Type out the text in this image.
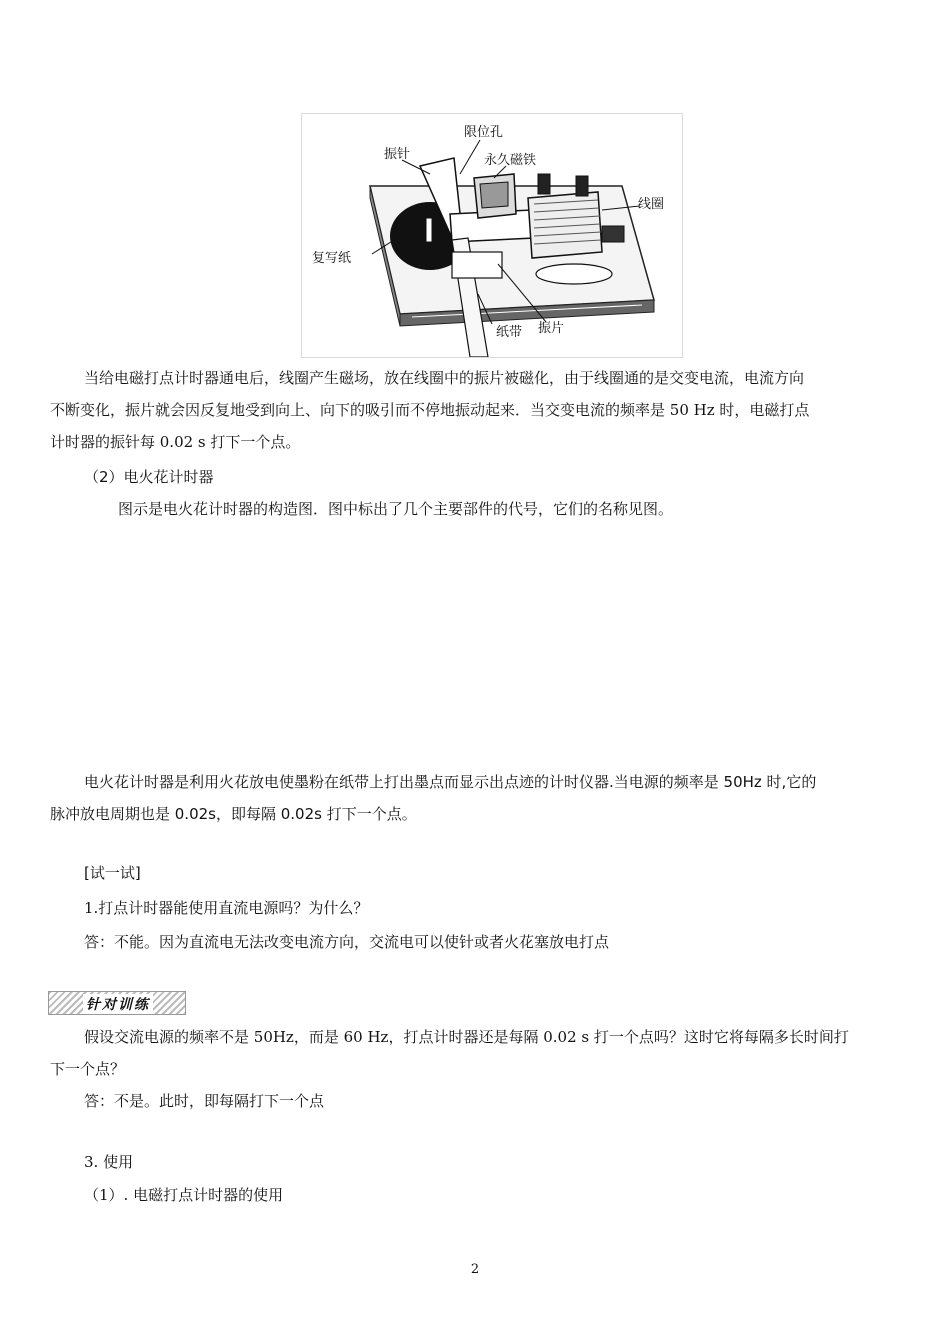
限位孔
振针	永久磁铁
线圈
复写纸
纸带 振片
当给电磁打点计时器通电后，线圈产生磁场，放在线圈中的振片被磁化，由于线圈通的是交变电流，电流方向
不断变化，振片就会因反复地受到向上、向下的吸引而不停地振动起来．当交变电流的频率是 50 Hz 时，电磁打点
计时器的振针每 0.02 s 打下一个点。
（2）电火花计时器
图示是电火花计时器的构造图．图中标出了几个主要部件的代号，它们的名称见图。
电火花计时器是利用火花放电使墨粉在纸带上打出墨点而显示出点迹的计时仪器.当电源的频率是 50Hz 时,它的
脉冲放电周期也是 0.02s，即每隔 0.02s 打下一个点。
[试一试]
1.打点计时器能使用直流电源吗？为什么？
答：不能。因为直流电无法改变电流方向，交流电可以使针或者火花塞放电打点
针对训练
假设交流电源的频率不是 50Hz，而是 60 Hz，打点计时器还是每隔 0.02 s 打一个点吗？这时它将每隔多长时间打
下一个点？
答：不是。此时，即每隔打下一个点
3. 使用
（1）. 电磁打点计时器的使用
2
